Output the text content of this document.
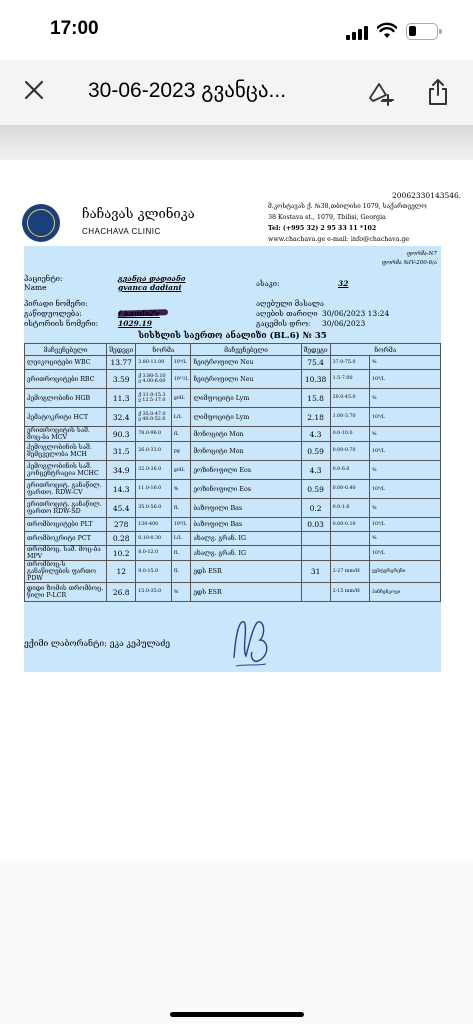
17:00
30-06-2023 გვანცა...
20062330143546.
ჩაჩავას კლინიკა
CHACHAVA CLINIC
მ.კოსტავას ქ. №38,თბილისი 1079, საქართველო
38 Kostava st., 1079, Tbilisi, Georgia
Tel: (+995 32) 2 95 33 11 *102
www.chachava.ge e-mail: info@chachava.ge
ფორმა-N7
ფორმა №IV-200-6/ა
პაციენტი:
Name
გვანცა დადიანი
gvanca dadiani	ასაკი:	32
პირადი ნომერი:	აღებული მასალა
გაწიდუოლება:	f kamlaZe	აღების თარიღი 30/06/2023 13:24
ისტორიის ნომერი:	1029.19	გაცემის დრო: 30/06/2023
სისხლის საერთო ანალიზი (BL.6) № 35
მაჩვენებელი	შედეგი	ნორმა		მაჩვენებელი	შედეგი	ნორმა	
ლეიკოციტები WBC	13.77	3.80-11.00	10⁹/L	ნეიტროფილი Neu	75.4	37.0-75.0	%
ერითროციტები RBC	3.59	ქ 3.80-5.10 ვ 4.00-6.00	10¹²/L	ნეიტროფილი Neu	10.38	1.5-7.00	10⁹/L
ჰემოგლობინი HGB	11.3	ქ 11.0-15.3 ვ 12.5-17.0	g/dL	ლიმფოციტი Lym	15.8	20.0-45.0	%
ჰემატოკრიტი HCT	32.4	ქ 35.0-47.0 ვ 40.0-52.0	L/L	ლიმფოციტი Lym	2.18	1.00-3.70	10⁹/L
ერითროციტის საშ. მოც-ბა MCV	90.3	78.0-96.0	fL	მონოციტი Mon	4.3	0.0-10.0	%
ჰემოგლობინის საშ. შემცველობა MCH	31.5	26.0-33.0	pg	მონოციტი Mon	0.59	0.00-0.70	10⁹/L
ჰემოგლობინის საშ. კონცენტრაცია MCHC	34.9	32.0-36.0	g/dL	ეოზინოფილი Eos	4.3	0.0-6.0	%
ერითროციტ. განაწილ. ფართო. RDW-CV	14.3	11.0-16.0	%	ეოზინოფილი Eos	0.59	0.00-0.40	10⁹/L
ერითროციტ. განაწილ. ფართო RDW-SD	45.4	35.0-56.0	fL	ბაზოფილი Bas	0.2	0.0-1.0	%
თრომბოციტები PLT	278	130-400	10⁹/L	ბაზოფილი Bas	0.03	0.00-0.10	10⁹/L
თრომბოკრიტი PCT	0.28	0.10-0.30	L/L	ახალგ. გრან. IG			%
თრომბოც. საშ. მოც-ბა MPV	10.2	8.0-12.0	fL	ახალგ. გრან. IG			10⁹/L
თრომბოც-ს განაწილების ფართო PDW	12	9.0-15.0	fL	ედს ESR	31	2-27 mm/H	ვესტერგრენი
დიდი ზომის თრომბოც. წილი P-LCR	26.8	15.0-35.0	%	ედს ESR		2-15 mm/H	პანჩენკოვი
ექიმი ლაბორანტი: ეკა კეპულაძე
